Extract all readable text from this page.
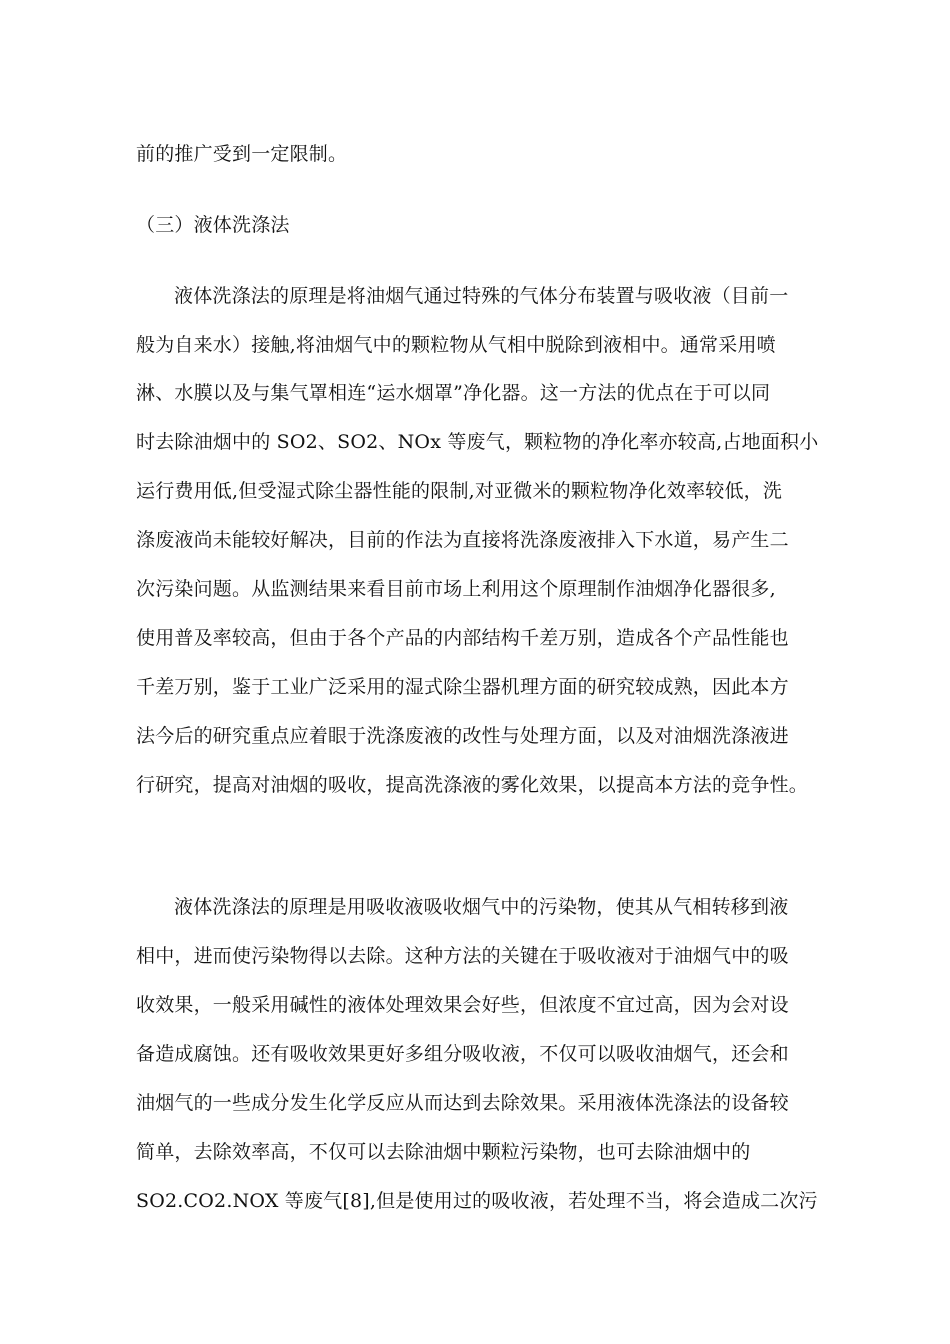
前的推广受到一定限制。
（三）液体洗涤法
液体洗涤法的原理是将油烟气通过特殊的气体分布装置与吸收液（目前一
般为自来水）接触,将油烟气中的颗粒物从气相中脱除到液相中。通常采用喷
淋、水膜以及与集气罩相连“运水烟罩”净化器。这一方法的优点在于可以同
时去除油烟中的 SO2、SO2、NOx 等废气，颗粒物的净化率亦较高,占地面积小
运行费用低,但受湿式除尘器性能的限制,对亚微米的颗粒物净化效率较低，洗
涤废液尚未能较好解决，目前的作法为直接将洗涤废液排入下水道，易产生二
次污染问题。从监测结果来看目前市场上利用这个原理制作油烟净化器很多,
使用普及率较高，但由于各个产品的内部结构千差万别，造成各个产品性能也
千差万别，鉴于工业广泛采用的湿式除尘器机理方面的研究较成熟，因此本方
法今后的研究重点应着眼于洗涤废液的改性与处理方面，以及对油烟洗涤液进
行研究，提高对油烟的吸收，提高洗涤液的雾化效果，以提高本方法的竞争性。
液体洗涤法的原理是用吸收液吸收烟气中的污染物，使其从气相转移到液
相中，进而使污染物得以去除。这种方法的关键在于吸收液对于油烟气中的吸
收效果，一般采用碱性的液体处理效果会好些，但浓度不宜过高，因为会对设
备造成腐蚀。还有吸收效果更好多组分吸收液，不仅可以吸收油烟气，还会和
油烟气的一些成分发生化学反应从而达到去除效果。采用液体洗涤法的设备较
简单，去除效率高，不仅可以去除油烟中颗粒污染物，也可去除油烟中的
SO2.CO2.NOX 等废气[8],但是使用过的吸收液，若处理不当，将会造成二次污
